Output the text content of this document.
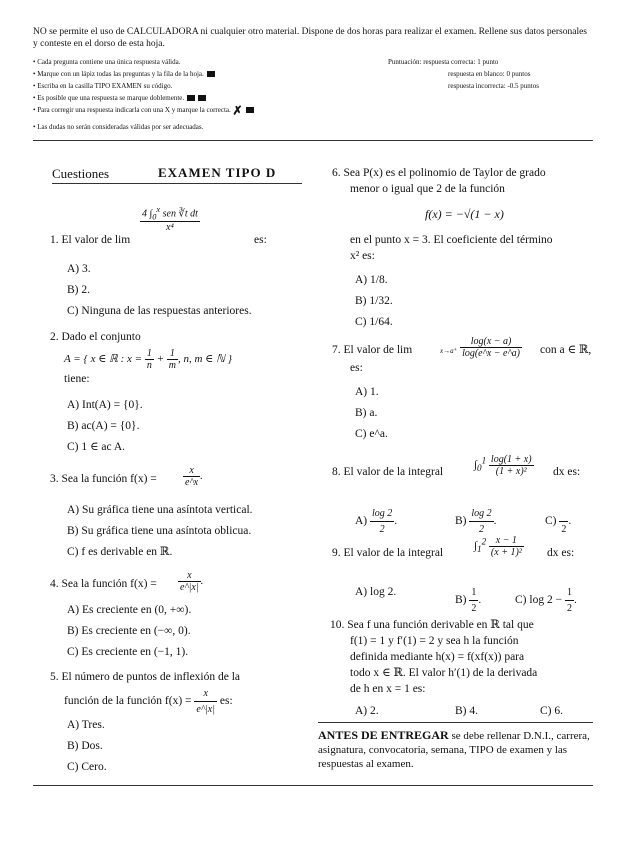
NO se permite el uso de CALCULADORA ni cualquier otro material. Dispone de dos horas para realizar el examen. Rellene sus datos personales y conteste en el dorso de esta hoja.
• Cada pregunta contiene una única respuesta válida.
• Marque con un lápiz todas las preguntas y la fila de la hoja.
• Escriba en la casilla TIPO EXAMEN su código.
• Es posible que una respuesta se marque doblemente.
• Para corregir una respuesta indicarla con una X y marque la correcta. ✗
• Las dudas no serán consideradas válidas por ser adecuadas.
Puntuación: respuesta correcta: 1 punto
respuesta en blanco: 0 puntos
respuesta incorrecta: -0.5 puntos
Cuestiones	EXAMEN TIPO D
1. El valor de lim
$\frac{4 \int_0^x sen ∛t dt}{\text{x⁴}}$
es:
A) 3.
B) 2.
C) Ninguna de las respuestas anteriores.
2. Dado el conjunto
A = { x ∈ ℝ : $x = \frac{1}{n} + \frac{1}{m}$ , n, m ∈ ℕ }
tiene:
A) Int(A) = {0}.
B) ac(A) = {0}.
C) 1 ∈ ac A.
3. Sea la función f(x) =	$\frac{x}{e\^{}x}$ .
A) Su gráfica tiene una asíntota vertical.
B) Su gráfica tiene una asíntota oblicua.
C) f es derivable en ℝ.
4. Sea la función $f(x) = \frac{x}{e\^{}|x|}$ .
A) Es creciente en (0, +∞).
B) Es creciente en (−∞, 0).
C) Es creciente en (−1, 1).
5. El número de puntos de inflexión de la
función de la función $f(x) = \frac{x}{e\^{}|x|}$ es:
A) Tres.
B) Dos.
C) Cero.
6. Sea P(x) es el polinomio de Taylor de grado
menor o igual que 2 de la función
f(x) = −√(1 − x)
en el punto x = 3. El coeficiente del término
x² es:
A) 1/8.
B) 1/32.
C) 1/64.
7. El valor de lim	$_{x\to a^+} \frac{\log(x - a)}{\log(e\^{}x - e\^{}a)}$ con a ∈ ℝ,
es:
A) 1.
B) a.
C) e^a.
8. El valor de la integral
$\int_0^1 \frac{\log(1 + x)}{\text{(1 + x)²}}$ dx es:
$A) \frac{\log 2}{2}$ .	$B) \frac{\log 2}{2}$ .	C)

2
.
9. El valor de la integral
$\int_1^2 \frac{x - 1}{\text{(x + 1)²}}$ dx es:
A) log 2.
$B) \frac{1}{2}$ .	C) $\log 2 - \frac{1}{2}$ .
10. Sea f una función derivable en ℝ tal que
f(1) = 1 y f′(1) = 2 y sea h la función
definida mediante h(x) = f(xf(x)) para
todo x ∈ ℝ. El valor h′(1) de la derivada
de h en x = 1 es:
A) 2.	B) 4.	C) 6.
ANTES DE ENTREGAR se debe rellenar D.N.I., carrera, asignatura, convocatoria, semana, TIPO de examen y las respuestas al examen.
